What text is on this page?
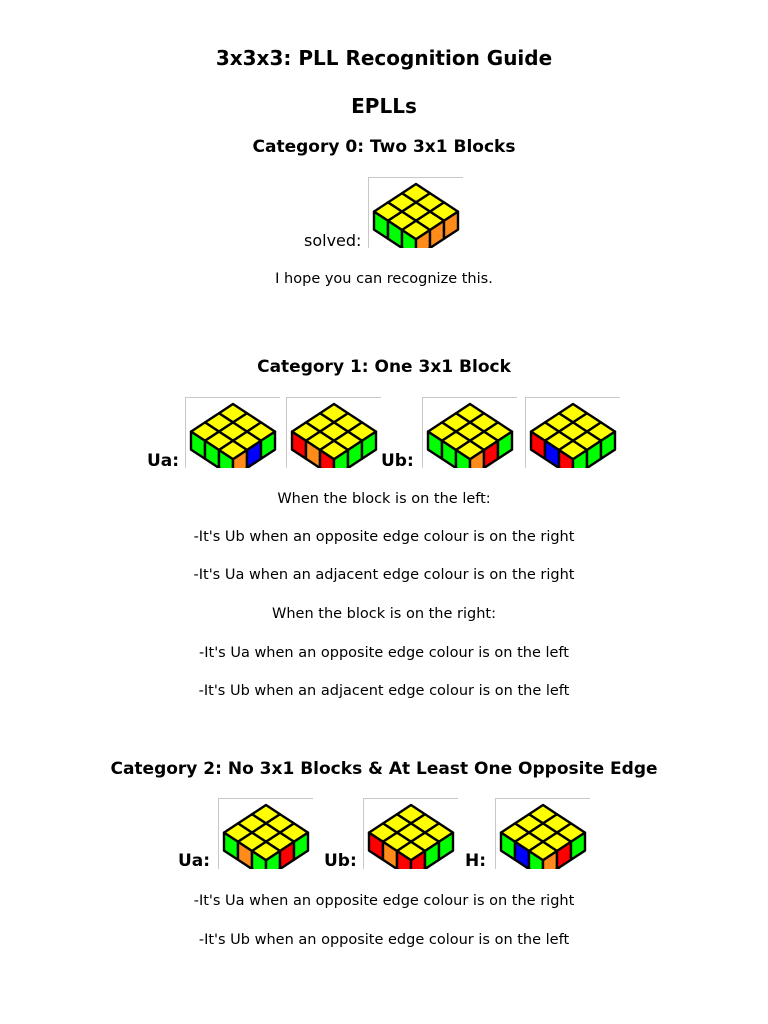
3x3x3: PLL Recognition Guide
EPLLs
Category 0: Two 3x1 Blocks
solved:
I hope you can recognize this.
Category 1: One 3x1 Block
Ua:	Ub:
When the block is on the left:
-It's Ub when an opposite edge colour is on the right
-It's Ua when an adjacent edge colour is on the right
When the block is on the right:
-It's Ua when an opposite edge colour is on the left
-It's Ub when an adjacent edge colour is on the left
Category 2: No 3x1 Blocks & At Least One Opposite Edge
Ua:	Ub:	H:
-It's Ua when an opposite edge colour is on the right
-It's Ub when an opposite edge colour is on the left
